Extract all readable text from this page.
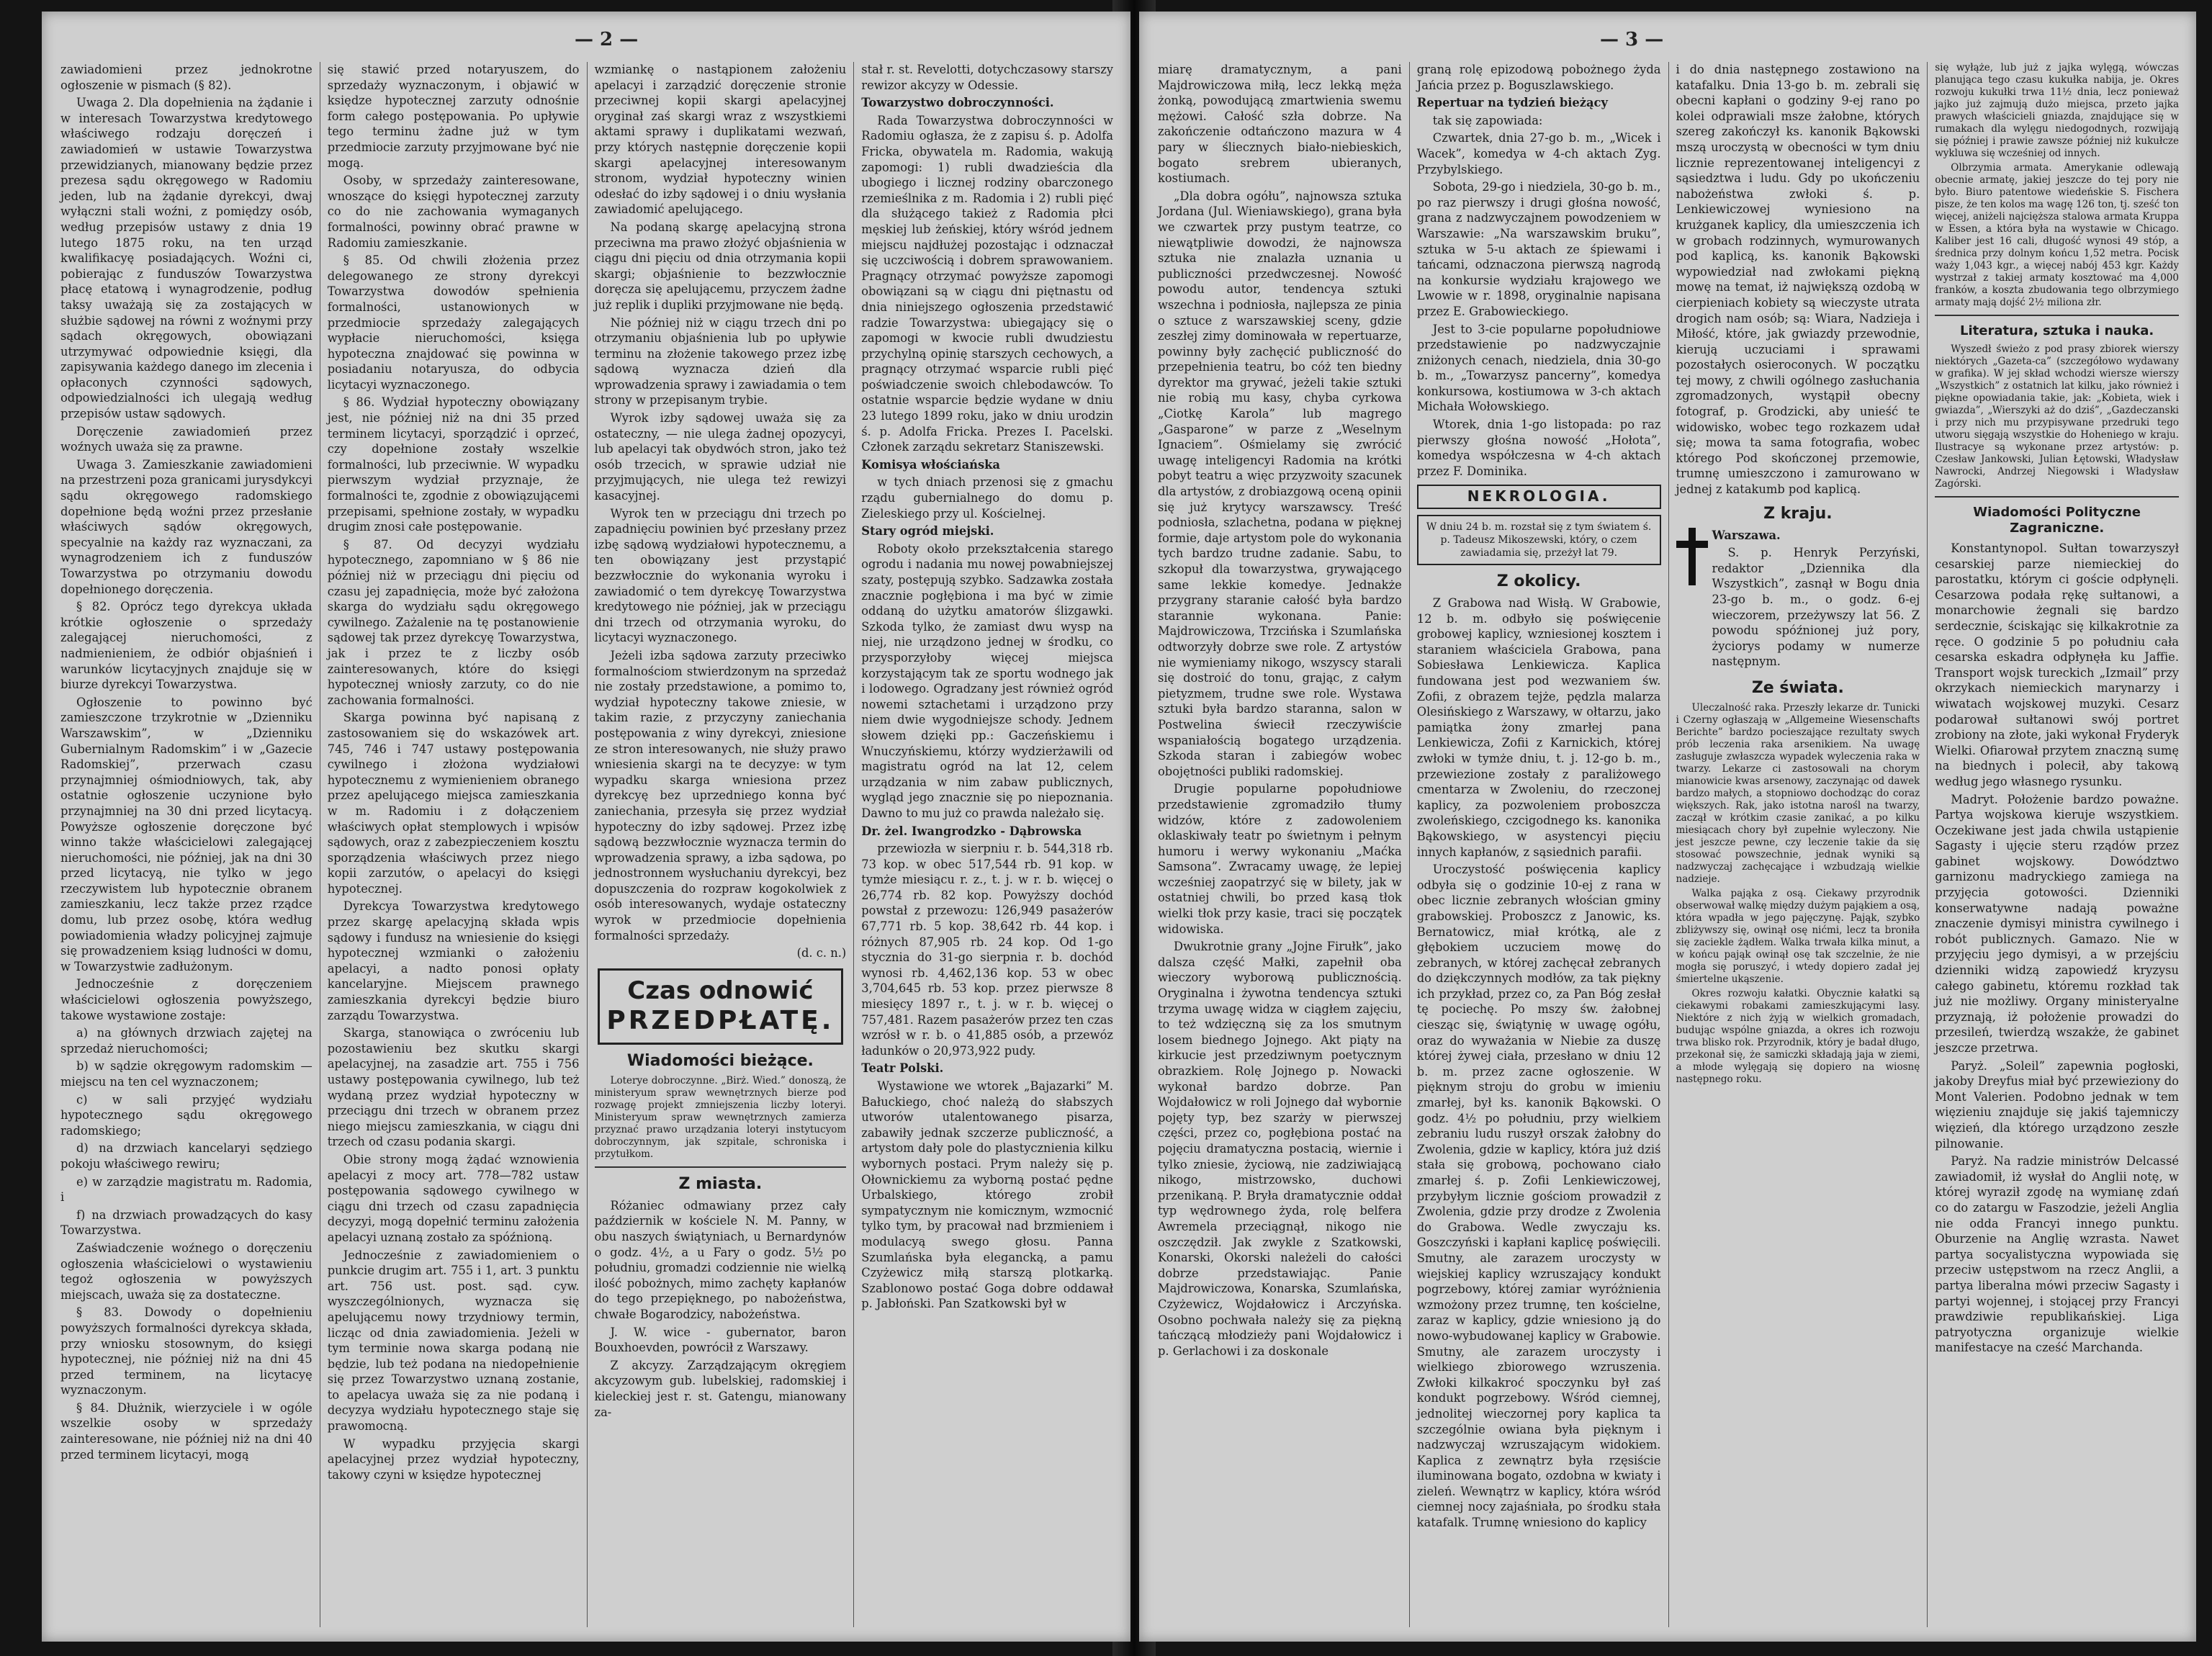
— 2 —

zawiadomieni przez jednokrotne ogłoszenie w pismach (§ 82).

Uwaga 2. Dla dopełnienia na żądanie i w interesach Towarzystwa kredytowego właściwego rodzaju doręczeń i zawiadomień w ustawie Towarzystwa przewidzianych, mianowany będzie przez prezesa sądu okręgowego w Radomiu jeden, lub na żądanie dyrekcyi, dwaj wyłączni stali woźni, z pomiędzy osób, według przepisów ustawy z dnia 19 lutego 1875 roku, na ten urząd kwalifikacyę posiadających. Woźni ci, pobierając z funduszów Towarzystwa płacę etatową i wynagrodzenie, podług taksy uważają się za zostających w służbie sądowej na równi z woźnymi przy sądach okręgowych, obowiązani utrzymywać odpowiednie księgi, dla zapisywania każdego danego im zlecenia i opłaconych czynności sądowych, odpowiedzialności ich ulegają według przepisów ustaw sądowych.

Doręczenie zawiadomień przez woźnych uważa się za prawne.

Uwaga 3. Zamieszkanie zawiadomieni na przestrzeni poza granicami jurysdykcyi sądu okręgowego radomskiego dopełnione będą woźni przez przesłanie właściwych sądów okręgowych, specyalnie na każdy raz wyznaczani, za wynagrodzeniem ich z funduszów Towarzystwa po otrzymaniu dowodu dopełnionego doręczenia.

§ 82. Oprócz tego dyrekcya układa krótkie ogłoszenie o sprzedaży zalegającej nieruchomości, z nadmienieniem, że odbiór objaśnień i warunków licytacyjnych znajduje się w biurze dyrekcyi Towarzystwa.

Ogłoszenie to powinno być zamieszczone trzykrotnie w „Dzienniku Warszawskim”, w „Dzienniku Gubernialnym Radomskim” i w „Gazecie Radomskiej”, przerwach czasu przynajmniej ośmiodniowych, tak, aby ostatnie ogłoszenie uczynione było przynajmniej na 30 dni przed licytacyą. Powyższe ogłoszenie doręczone być winno także właścicielowi zalegającej nieruchomości, nie później, jak na dni 30 przed licytacyą, nie tylko w jego rzeczywistem lub hypotecznie obranem zamieszkaniu, lecz także przez rządce domu, lub przez osobę, która według powiadomienia władzy policyjnej zajmuje się prowadzeniem ksiąg ludności w domu, w Towarzystwie zadłużonym.

Jednocześnie z doręczeniem właścicielowi ogłoszenia powyższego, takowe wystawione zostaje:

a) na głównych drzwiach zajętej na sprzedaż nieruchomości;

b) w sądzie okręgowym radomskim — miejscu na ten cel wyznaczonem;

c) w sali przyjęć wydziału hypotecznego sądu okręgowego radomskiego;

d) na drzwiach kancelaryi sędziego pokoju właściwego rewiru;

e) w zarządzie magistratu m. Radomia, i

f) na drzwiach prowadzących do kasy Towarzystwa.

Zaświadczenie woźnego o doręczeniu ogłoszenia właścicielowi o wystawieniu tegoż ogłoszenia w powyższych miejscach, uważa się za dostateczne.

§ 83. Dowody o dopełnieniu powyższych formalności dyrekcya składa, przy wniosku stosownym, do księgi hypotecznej, nie później niż na dni 45 przed terminem, na licytacyę wyznaczonym.

§ 84. Dłużnik, wierzyciele i w ogóle wszelkie osoby w sprzedaży zainteresowane, nie później niż na dni 40 przed terminem licytacyi, mogą

się stawić przed notaryuszem, do sprzedaży wyznaczonym, i objawić w księdze hypotecznej zarzuty odnośnie form całego postępowania. Po upływie tego terminu żadne już w tym przedmiocie zarzuty przyjmowane być nie mogą.

Osoby, w sprzedaży zainteresowane, wnoszące do księgi hypotecznej zarzuty co do nie zachowania wymaganych formalności, powinny obrać prawne w Radomiu zamieszkanie.

§ 85. Od chwili złożenia przez delegowanego ze strony dyrekcyi Towarzystwa dowodów spełnienia formalności, ustanowionych w przedmiocie sprzedaży zalegających wypłacie nieruchomości, księga hypoteczna znajdować się powinna w posiadaniu notaryusza, do odbycia licytacyi wyznaczonego.

§ 86. Wydział hypoteczny obowiązany jest, nie później niż na dni 35 przed terminem licytacyi, sporządzić i oprzeć, czy dopełnione zostały wszelkie formalności, lub przeciwnie. W wypadku pierwszym wydział przyznaje, że formalności te, zgodnie z obowiązującemi przepisami, spełnione zostały, w wypadku drugim znosi całe postępowanie.

§ 87. Od decyzyi wydziału hypotecznego, zapomniano w § 86 nie później niż w przeciągu dni pięciu od czasu jej zapadnięcia, może być założona skarga do wydziału sądu okręgowego cywilnego. Zażalenie na tę postanowienie sądowej tak przez dyrekcyę Towarzystwa, jak i przez te z liczby osób zainteresowanych, które do księgi hypotecznej wniosły zarzuty, co do nie zachowania formalności.

Skarga powinna być napisaną z zastosowaniem się do wskazówek art. 745, 746 i 747 ustawy postępowania cywilnego i złożona wydziałowi hypotecznemu z wymienieniem obranego przez apelującego miejsca zamieszkania w m. Radomiu i z dołączeniem właściwych opłat stemplowych i wpisów sądowych, oraz z zabezpieczeniem kosztu sporządzenia właściwych przez niego kopii zarzutów, o apelacyi do księgi hypotecznej.

Dyrekcya Towarzystwa kredytowego przez skargę apelacyjną składa wpis sądowy i fundusz na wniesienie do księgi hypotecznej wzmianki o założeniu apelacyi, a nadto ponosi opłaty kancelaryjne. Miejscem prawnego zamieszkania dyrekcyi będzie biuro zarządu Towarzystwa.

Skarga, stanowiąca o zwróceniu lub pozostawieniu bez skutku skargi apelacyjnej, na zasadzie art. 755 i 756 ustawy postępowania cywilnego, lub też wydaną przez wydział hypoteczny w przeciągu dni trzech w obranem przez niego miejscu zamieszkania, w ciągu dni trzech od czasu podania skargi.

Obie strony mogą żądać wznowienia apelacyi z mocy art. 778—782 ustaw postępowania sądowego cywilnego w ciągu dni trzech od czasu zapadnięcia decyzyi, mogą dopełnić terminu założenia apelacyi uznaną zostało za spóźnioną.

Jednocześnie z zawiadomieniem o punkcie drugim art. 755 i 1, art. 3 punktu art. 756 ust. post. sąd. cyw. wyszczególnionych, wyznacza się apelującemu nowy trzydniowy termin, licząc od dnia zawiadomienia. Jeżeli w tym terminie nowa skarga podaną nie będzie, lub też podana na niedopełnienie się przez Towarzystwo uznaną zostanie, to apelacya uważa się za nie podaną i decyzya wydziału hypotecznego staje się prawomocną.

W wypadku przyjęcia skargi apelacyjnej przez wydział hypoteczny, takowy czyni w księdze hypotecznej

wzmiankę o nastąpionem założeniu apelacyi i zarządzić doręczenie stronie przeciwnej kopii skargi apelacyjnej oryginał zaś skargi wraz z wszystkiemi aktami sprawy i duplikatami wezwań, przy których następnie doręczenie kopii skargi apelacyjnej interesowanym stronom, wydział hypoteczny winien odesłać do izby sądowej i o dniu wysłania zawiadomić apelującego.

Na podaną skargę apelacyjną strona przeciwna ma prawo złożyć objaśnienia w ciągu dni pięciu od dnia otrzymania kopii skargi; objaśnienie to bezzwłocznie doręcza się apelującemu, przyczem żadne już replik i dupliki przyjmowane nie będą.

Nie później niż w ciągu trzech dni po otrzymaniu objaśnienia lub po upływie terminu na złożenie takowego przez izbę sądową wyznacza dzień dla wprowadzenia sprawy i zawiadamia o tem strony w przepisanym trybie.

Wyrok izby sądowej uważa się za ostateczny, — nie ulega żadnej opozycyi, lub apelacyi tak obydwóch stron, jako też osób trzecich, w sprawie udział nie przyjmujących, nie ulega też rewizyi kasacyjnej.

Wyrok ten w przeciągu dni trzech po zapadnięciu powinien być przesłany przez izbę sądową wydziałowi hypotecznemu, a ten obowiązany jest przystąpić bezzwłocznie do wykonania wyroku i zawiadomić o tem dyrekcyę Towarzystwa kredytowego nie później, jak w przeciągu dni trzech od otrzymania wyroku, do licytacyi wyznaczonego.

Jeżeli izba sądowa zarzuty przeciwko formalnościom stwierdzonym na sprzedaż nie zostały przedstawione, a pomimo to, wydział hypoteczny takowe zniesie, w takim razie, z przyczyny zaniechania postępowania z winy dyrekcyi, zniesione ze stron interesowanych, nie służy prawo wniesienia skargi na te decyzye: w tym wypadku skarga wniesiona przez dyrekcyę bez uprzedniego konna być zaniechania, przesyła się przez wydział hypoteczny do izby sądowej. Przez izbę sądową bezzwłocznie wyznacza termin do wprowadzenia sprawy, a izba sądowa, po jednostronnem wysłuchaniu dyrekcyi, bez dopuszczenia do rozpraw kogokolwiek z osób interesowanych, wydaje ostateczny wyrok w przedmiocie dopełnienia formalności sprzedaży.

(d. c. n.)

Czas odnowić
PRZEDPŁATĘ.
Wiadomości bieżące.

Loterye dobroczynne. „Birż. Wied.” donoszą, że ministeryum spraw wewnętrznych bierze pod rozwagę projekt zmniejszenia liczby loteryi. Ministeryum spraw wewnętrznych zamierza przyznać prawo urządzania loteryi instytucyom dobroczynnym, jak szpitale, schroniska i przytułkom.

Z miasta.

Różaniec odmawiany przez cały październik w kościele N. M. Panny, w obu naszych świątyniach, u Bernardynów o godz. 4½, a u Fary o godz. 5½ po południu, gromadzi codziennie nie wielką ilość pobożnych, mimo zachęty kapłanów do tego przepięknego, po nabożeństwa, chwałe Bogarodzicy, nabożeństwa.

J. W. wice - gubernator, baron Bouxhoevden, powrócił z Warszawy.

Z akcyzy. Zarządzającym okręgiem akcyzowym gub. lubelskiej, radomskiej i kieleckiej jest r. st. Gatengu, mianowany za-

stał r. st. Revelotti, dotychczasowy starszy rewizor akcyzy w Odessie.

Towarzystwo dobroczynności.

Rada Towarzystwa dobroczynności w Radomiu ogłasza, że z zapisu ś. p. Adolfa Fricka, obywatela m. Radomia, wakują zapomogi: 1) rubli dwadzieścia dla ubogiego i licznej rodziny obarczonego rzemieślnika z m. Radomia i 2) rubli pięć dla służącego takież z Radomia płci męskiej lub żeńskiej, który wśród jednem miejscu najdłużej pozostając i odznaczał się uczciwością i dobrem sprawowaniem. Pragnący otrzymać powyższe zapomogi obowiązani są w ciągu dni piętnastu od dnia niniejszego ogłoszenia przedstawić radzie Towarzystwa: ubiegający się o zapomogi w kwocie rubli dwudziestu przychylną opinię starszych cechowych, a pragnący otrzymać wsparcie rubli pięć poświadczenie swoich chlebodawców. To ostatnie wsparcie będzie wydane w dniu 23 lutego 1899 roku, jako w dniu urodzin ś. p. Adolfa Fricka. Prezes I. Pacelski. Członek zarządu sekretarz Staniszewski.

Komisya włościańska

w tych dniach przenosi się z gmachu rządu gubernialnego do domu p. Zieleskiego przy ul. Kościelnej.

Stary ogród miejski.

Roboty około przekształcenia starego ogrodu i nadania mu nowej powabniejszej szaty, postępują szybko. Sadzawka została znacznie pogłębiona i ma być w zimie oddaną do użytku amatorów ślizgawki. Szkoda tylko, że zamiast dwu wysp na niej, nie urządzono jednej w środku, co przysporzyłoby więcej miejsca korzystającym tak ze sportu wodnego jak i lodowego. Ogradzany jest również ogród nowemi sztachetami i urządzono przy niem dwie wygodniejsze schody. Jednem słowem dzięki pp.: Gaczeńskiemu i Wnuczyńskiemu, którzy wydzierżawili od magistratu ogród na lat 12, celem urządzania w nim zabaw publicznych, wygląd jego znacznie się po niepoznania. Dawno to mu już co prawda należało się.

Dr. żel. Iwangrodzko - Dąbrowska

przewiozła w sierpniu r. b. 544,318 rb. 73 kop. w obec 517,544 rb. 91 kop. w tymże miesiącu r. z., t. j. w r. b. więcej o 26,774 rb. 82 kop. Powyższy dochód powstał z przewozu: 126,949 pasażerów 67,771 rb. 5 kop. 38,642 rb. 44 kop. i różnych 87,905 rb. 24 kop. Od 1-go stycznia do 31-go sierpnia r. b. dochód wynosi rb. 4,462,136 kop. 53 w obec 3,704,645 rb. 53 kop. przez pierwsze 8 miesięcy 1897 r., t. j. w r. b. więcej o 757,481. Razem pasażerów przez ten czas wzrósł w r. b. o 41,885 osób, a przewóz ładunków o 20,973,922 pudy.

Teatr Polski.

Wystawione we wtorek „Bajazarki” M. Bałuckiego, choć należą do słabszych utworów utalentowanego pisarza, zabawiły jednak szczerze publiczność, a artystom dały pole do plastycznienia kilku wybornych postaci. Prym należy się p. Ołownickiemu za wyborną postać pędne Urbalskiego, którego zrobił sympatycznym nie komicznym, wzmocnić tylko tym, by pracował nad brzmieniem i modulacyą swego głosu. Panna Szumlańska była elegancką, a pamu Czyżewicz miłą starszą plotkarką. Szablonowo postać Goga dobre oddawał p. Jabłoński. Pan Szatkowski był w

— 3 —

miarę dramatycznym, a pani Majdrowiczowa miłą, lecz lekką męża żonką, powodującą zmartwienia swemu mężowi. Całość szła dobrze. Na zakończenie odtańczono mazura w 4 pary w śliecznych biało-niebieskich, bogato srebrem ubieranych, kostiumach.

„Dla dobra ogółu”, najnowsza sztuka Jordana (Jul. Wieniawskiego), grana była we czwartek przy pustym teatrze, co niewątpliwie dowodzi, że najnowsza sztuka nie znalazła uznania u publiczności przedwczesnej. Nowość powodu autor, tendencya sztuki wszechna i podniosła, najlepsza ze pinia o sztuce z warszawskiej sceny, gdzie zeszłej zimy dominowała w repertuarze, powinny były zachęcić publiczność do przepełnienia teatru, bo cóż ten biedny dyrektor ma grywać, jeżeli takie sztuki nie robią mu kasy, chyba cyrkowa „Ciotkę Karola” lub magrego „Gasparone” w parze z „Weselnym Ignaciem”. Ośmielamy się zwrócić uwagę inteligencyi Radomia na krótki pobyt teatru a więc przyzwoity szacunek dla artystów, z drobiazgową oceną opinii się już krytycy warszawscy. Treść podniosła, szlachetna, podana w pięknej formie, daje artystom pole do wykonania tych bardzo trudne zadanie. Sabu, to szkopuł dla towarzystwa, grywającego same lekkie komedye. Jednakże przygrany staranie całość była bardzo starannie wykonana. Panie: Majdrowiczowa, Trzcińska i Szumlańska odtworzyły dobrze swe role. Z artystów nie wymieniamy nikogo, wszyscy starali się dostroić do tonu, grając, z całym pietyzmem, trudne swe role. Wystawa sztuki była bardzo staranna, salon w Postwelina świecił rzeczywiście wspaniałością bogatego urządzenia. Szkoda staran i zabiegów wobec obojętności publiki radomskiej.

Drugie popularne popołudniowe przedstawienie zgromadziło tłumy widzów, które z zadowoleniem oklaskiwały teatr po świetnym i pełnym humoru i werwy wykonaniu „Maćka Samsona”. Zwracamy uwagę, że lepiej wcześniej zaopatrzyć się w bilety, jak w ostatniej chwili, bo przed kasą tłok wielki tłok przy kasie, traci się początek widowiska.

Dwukrotnie grany „Jojne Firułk”, jako dalsza część Małki, zapełnił oba wieczory wyborową publicznością. Oryginalna i żywotna tendencya sztuki trzyma uwagę widza w ciągłem zajęciu, to też wdzięczną się za los smutnym losem biednego Jojnego. Akt piąty na kirkucie jest przedziwnym poetycznym obrazkiem. Rolę Jojnego p. Nowacki wykonał bardzo dobrze. Pan Wojdałowicz w roli Jojnego dał wybornie pojęty typ, bez szarży w pierwszej części, przez co, pogłębiona postać na pojęciu dramatyczna postacią, wiernie i tylko zniesie, życiową, nie zadziwiającą nikogo, mistrzowsko, duchowi przenikaną. P. Bryła dramatycznie oddał typ wędrownego żyda, rolę belfera Awremela przeciągnął, nikogo nie oszczędził. Jak zwykle z Szatkowski, Konarski, Okorski należeli do całości dobrze przedstawiając. Panie Majdrowiczowa, Konarska, Szumlańska, Czyżewicz, Wojdałowicz i Arczyńska. Osobno pochwała należy się za piękną tańczącą młodzieży pani Wojdałowicz i p. Gerlachowi i za doskonale

graną rolę epizodową pobożnego żyda Jańcia przez p. Boguszlawskiego.

Repertuar na tydzień bieżący

tak się zapowiada:

Czwartek, dnia 27-go b. m., „Wicek i Wacek”, komedya w 4-ch aktach Zyg. Przybylskiego.

Sobota, 29-go i niedziela, 30-go b. m., po raz pierwszy i drugi głośna nowość, grana z nadzwyczajnem powodzeniem w Warszawie: „Na warszawskim bruku”, sztuka w 5-u aktach ze śpiewami i tańcami, odznaczona pierwszą nagrodą na konkursie wydziału krajowego we Lwowie w r. 1898, oryginalnie napisana przez E. Grabowieckiego.

Jest to 3-cie popularne popołudniowe przedstawienie po nadzwyczajnie zniżonych cenach, niedziela, dnia 30-go b. m., „Towarzysz pancerny”, komedya konkursowa, kostiumowa w 3-ch aktach Michała Wołowskiego.

Wtorek, dnia 1-go listopada: po raz pierwszy głośna nowość „Hołota”, komedya współczesna w 4-ch aktach przez F. Dominika.

NEKROLOGIA.
W dniu 24 b. m. rozstał się z tym światem ś. p. Tadeusz Mikoszewski, który, o czem zawiadamia się, przeżył lat 79.
Z okolicy.

Z Grabowa nad Wisłą. W Grabowie, 12 b. m. odbyło się poświęcenie grobowej kaplicy, wzniesionej kosztem i staraniem właściciela Grabowa, pana Sobiesława Lenkiewicza. Kaplica fundowana jest pod wezwaniem św. Zofii, z obrazem tejże, pędzla malarza Olesińskiego z Warszawy, w ołtarzu, jako pamiątka żony zmarłej pana Lenkiewicza, Zofii z Karnickich, której zwłoki w tymże dniu, t. j. 12-go b. m., przewiezione zostały z paraliżowego cmentarza w Zwoleniu, do rzeczonej kaplicy, za pozwoleniem proboszcza zwoleńskiego, czcigodnego ks. kanonika Bąkowskiego, w asystencyi pięciu innych kapłanów, z sąsiednich parafii.

Uroczystość poświęcenia kaplicy odbyła się o godzinie 10-ej z rana w obec licznie zebranych włościan gminy grabowskiej. Proboszcz z Janowic, ks. Bernatowicz, miał krótką, ale z głębokiem uczuciem mowę do zebranych, w której zachęcał zebranych do dziękczynnych modłów, za tak piękny ich przykład, przez co, za Pan Bóg zesłał tę pociechę. Po mszy św. żałobnej ciesząc się, świątynię w uwagę ogółu, oraz do wyważania w Niebie za duszę której żywej ciała, przesłano w dniu 12 b. m. przez zacne ogłoszenie. W pięknym stroju do grobu w imieniu zmarłej, był ks. kanonik Bąkowski. O godz. 4½ po południu, przy wielkiem zebraniu ludu ruszył orszak żałobny do Zwolenia, gdzie w kaplicy, która już dziś stała się grobową, pochowano ciało zmarłej ś. p. Zofii Lenkiewiczowej, przybyłym licznie gościom prowadził z Zwolenia, gdzie przy drodze z Zwolenia do Grabowa. Wedle zwyczaju ks. Goszczyński i kapłani kaplicę poświęcili. Smutny, ale zarazem uroczysty w wiejskiej kaplicy wzruszający kondukt pogrzebowy, której zamiar wyróżnienia wzmożony przez trumnę, ten kościelne, zaraz w kaplicy, gdzie wniesiono ją do nowo-wybudowanej kaplicy w Grabowie. Smutny, ale zarazem uroczysty i wielkiego zbiorowego wzruszenia. Zwłoki kilkakroć spoczynku był zaś kondukt pogrzebowy. Wśród ciemnej, jednolitej wieczornej pory kaplica ta szczególnie owiana była pięknym i nadzwyczaj wzruszającym widokiem. Kaplica z zewnątrz była rzęsiście iluminowana bogato, ozdobna w kwiaty i zieleń. Wewnątrz w kaplicy, która wśród ciemnej nocy zajaśniała, po środku stała katafalk. Trumnę wniesiono do kaplicy

i do dnia następnego zostawiono na katafalku. Dnia 13-go b. m. zebrali się obecni kapłani o godziny 9-ej rano po kolei odprawiali msze żałobne, których szereg zakończył ks. kanonik Bąkowski mszą uroczystą w obecności w tym dniu licznie reprezentowanej inteligencyi z sąsiedztwa i ludu. Gdy po ukończeniu nabożeństwa zwłoki ś. p. Lenkiewiczowej wyniesiono na krużganek kaplicy, dla umieszczenia ich w grobach rodzinnych, wymurowanych pod kaplicą, ks. kanonik Bąkowski wypowiedział nad zwłokami piękną mowę na temat, iż największą ozdobą w cierpieniach kobiety są wieczyste utrata drogich nam osób; są: Wiara, Nadzieja i Miłość, które, jak gwiazdy przewodnie, kierują uczuciami i sprawami pozostałych osieroconych. W początku tej mowy, z chwili ogólnego zasłuchania zgromadzonych, wystąpił obecny fotograf, p. Grodzicki, aby unieść te widowisko, wobec tego rozkazem udał się; mowa ta sama fotografia, wobec którego Pod skończonej przemowie, trumnę umieszczono i zamurowano w jednej z katakumb pod kaplicą.

Z kraju.

Warszawa.

S. p. Henryk Perzyński, redaktor „Dziennika dla Wszystkich”, zasnął w Bogu dnia 23-go b. m., o godz. 6-ej wieczorem, przeżywszy lat 56. Z powodu spóźnionej już pory, życiorys podamy w numerze następnym.

Ze świata.

Uleczalność raka. Przeszły lekarze dr. Tunicki i Czerny ogłaszają w „Allgemeine Wiesenschafts Berichte” bardzo pocieszające rezultaty swych prób leczenia raka arsenikiem. Na uwagę zasługuje zwłaszcza wypadek wyleczenia raka w twarzy. Lekarze ci zastosowali na chorym mianowicie kwas arsenowy, zaczynając od dawek bardzo małych, a stopniowo dochodząc do coraz większych. Rak, jako istotna narośl na twarzy, zaczął w krótkim czasie zanikać, a po kilku miesiącach chory był zupełnie wyleczony. Nie jest jeszcze pewne, czy leczenie takie da się stosować powszechnie, jednak wyniki są nadzwyczaj zachęcające i wzbudzają wielkie nadzieje.

Walka pająka z osą. Ciekawy przyrodnik obserwował walkę między dużym pająkiem a osą, która wpadła w jego pajęczynę. Pająk, szybko zbliżywszy się, owinął osę nićmi, lecz ta broniła się zaciekle żądłem. Walka trwała kilka minut, a w końcu pająk owinął osę tak szczelnie, że nie mogła się poruszyć, i wtedy dopiero zadał jej śmiertelne ukąszenie.

Okres rozwoju kałatki. Obycznie kałatki są ciekawymi robakami zamieszkującymi lasy. Niektóre z nich żyją w wielkich gromadach, budując wspólne gniazda, a okres ich rozwoju trwa blisko rok. Przyrodnik, który je badał długo, przekonał się, że samiczki składają jaja w ziemi, a młode wylęgają się dopiero na wiosnę następnego roku.

się wyłąże, lub już z jajka wylęgą, wówczas planująca tego czasu kukułka nabija, je. Okres rozwoju kukułki trwa 11½ dnia, lecz ponieważ jajko już zajmują dużo miejsca, przeto jajka prawych właścicieli gniazda, znajdujące się w rumakach dla wylęgu niedogodnych, rozwijają się później i prawie zawsze później niż kukułcze wykluwa się wcześniej od innych.

Olbrzymia armata. Amerykanie odlewają obecnie armatę, jakiej jeszcze do tej pory nie było. Biuro patentowe wiedeńskie S. Fischera pisze, że ten kolos ma wagę 126 ton, tj. sześć ton więcej, aniżeli najcięższa stalowa armata Kruppa w Essen, a która była na wystawie w Chicago. Kaliber jest 16 cali, długość wynosi 49 stóp, a średnica przy dolnym końcu 1,52 metra. Pocisk waży 1,043 kgr., a więcej nabój 453 kgr. Każdy wystrzał z takiej armaty kosztować ma 4,000 franków, a koszta zbudowania tego olbrzymiego armaty mają dojść 2½ miliona złr.

Literatura, sztuka i nauka.

Wyszedł świeżo z pod prasy zbiorek wierszy niektórych „Gazeta​-ca” (szczegółowo wydawany w grafika). W jej skład wchodzi wiersze wierszy „Wszystkich” z ostatnich lat kilku, jako również i piękne opowiadania takie, jak: „Kobieta, wiek i gwiazda”, „Wierszyki aż do dziś”, „Gazdeczanski i przy nich mu przypisywane przedruki tego utworu sięgają wszystkie do Hoheniego w kraju. Ilustracye są wykonane przez artystów: p. Czesław Jankowski, Julian Łętowski, Władysław Nawrocki, Andrzej Niegowski i Władysław Zagórski.

Wiadomości Polityczne Zagraniczne.

Konstantynopol. Sułtan towarzyszył cesarskiej parze niemieckiej do parostatku, którym ci goście odpłynęli. Cesarzowa podała rękę sułtanowi, a monarchowie żegnali się bardzo serdecznie, ściskając się kilkakrotnie za ręce. O godzinie 5 po południu cała cesarska eskadra odpłynęła ku Jaffie. Transport wojsk tureckich „Izmail” przy okrzykach niemieckich marynarzy i wiwatach wojskowej muzyki. Cesarz podarował sułtanowi swój portret zrobiony na złote, jaki wykonał Fryderyk Wielki. Ofiarował przytem znaczną sumę na biednych i polecił, aby takową według jego własnego rysunku.

Madryt. Położenie bardzo poważne. Partya wojskowa kieruje wszystkiem. Oczekiwane jest jada chwila ustąpienie Sagasty i ujęcie steru rządów przez gabinet wojskowy. Dowództwo garnizonu madryckiego zamiega na przyjęcia gotowości. Dzienniki konserwatywne nadają poważne znaczenie dymisyi ministra cywilnego i robót publicznych. Gamazo. Nie w przyjęciu jego dymisyi, a w przejściu dzienniki widzą zapowiedź kryzysu całego gabinetu, któremu rozkład tak już nie możliwy. Organy ministeryalne przyznają, iż położenie prowadzi do przesileń, twierdzą wszakże, że gabinet jeszcze przetrwa.

Paryż. „Soleil” zapewnia pogłoski, jakoby Dreyfus miał być przewieziony do Mont Valerien. Podobno jednak w tem więzieniu znajduje się jakiś tajemniczy więzień, dla którego urządzono zeszłe pilnowanie.

Paryż. Na radzie ministrów Delcassé zawiadomił, iż wysłał do Anglii notę, w której wyraził zgodę na wymianę zdań co do zatargu w Faszodzie, jeżeli Anglia nie odda Francyi innego punktu. Oburzenie na Anglię wzrasta. Nawet partya socyalistyczna wypowiada się przeciw ustępstwom na rzecz Anglii, a partya liberalna mówi przeciw Sagasty i partyi wojennej, i stojącej przy Francyi prawdziwie republikańskiej. Liga patryotyczna organizuje wielkie manifestacye na cześć Marchanda.
